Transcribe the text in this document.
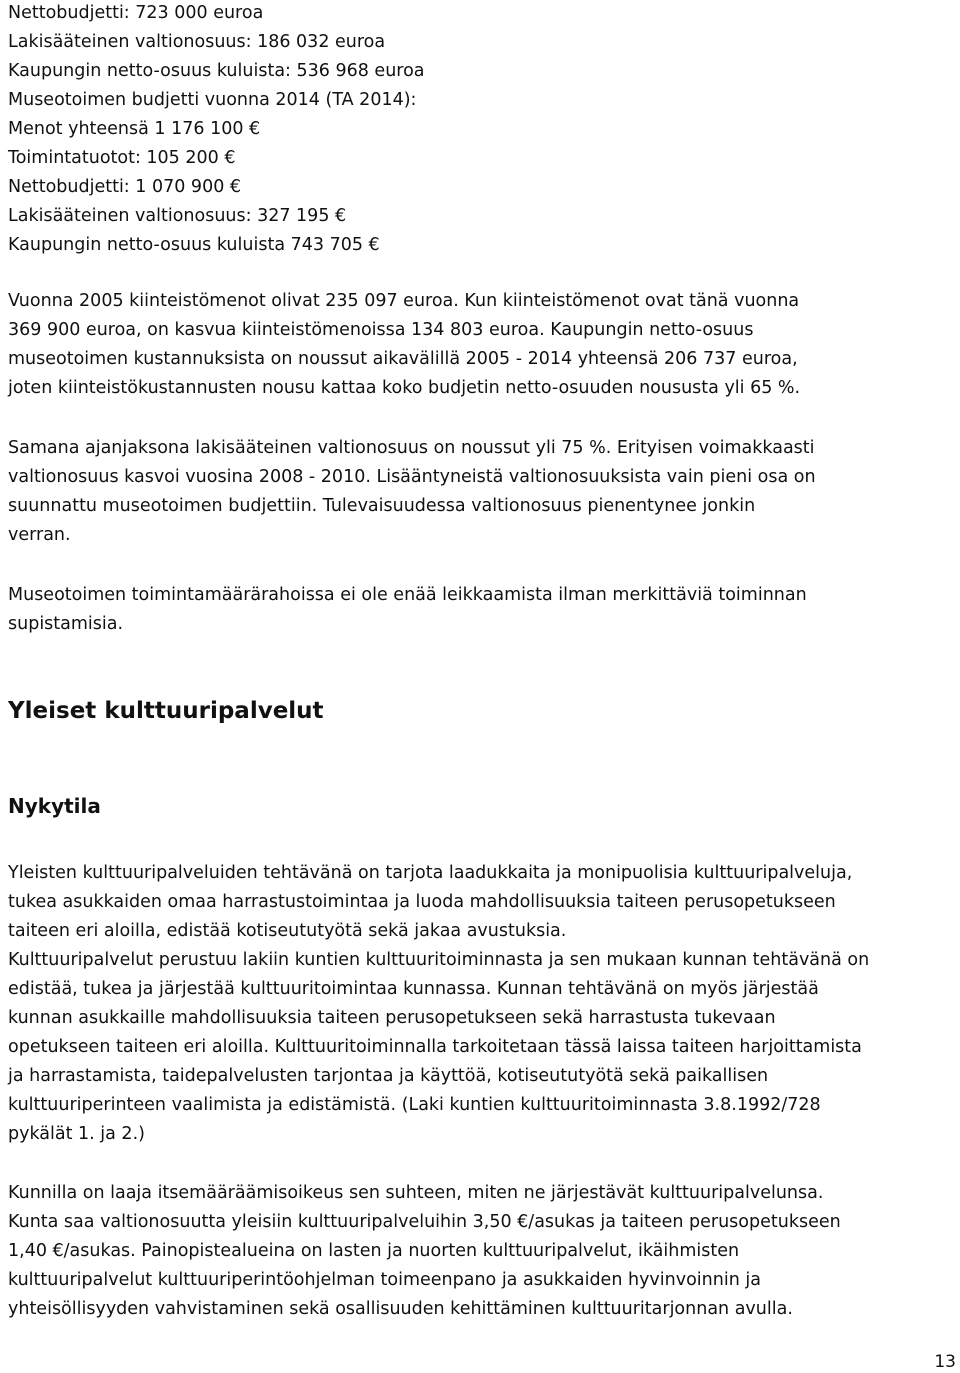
Nettobudjetti: 723 000 euroa
Lakisääteinen valtionosuus: 186 032 euroa
Kaupungin netto-osuus kuluista: 536 968 euroa
Museotoimen budjetti vuonna 2014 (TA 2014):
Menot yhteensä 1 176 100 €
Toimintatuotot: 105 200 €
Nettobudjetti: 1 070 900 €
Lakisääteinen valtionosuus: 327 195 €
Kaupungin netto-osuus kuluista 743 705 €
Vuonna 2005 kiinteistömenot olivat 235 097 euroa. Kun kiinteistömenot ovat tänä vuonna
369 900 euroa, on kasvua kiinteistömenoissa 134 803 euroa. Kaupungin netto-osuus
museotoimen kustannuksista on noussut aikavälillä 2005 - 2014 yhteensä 206 737 euroa,
joten kiinteistökustannusten nousu kattaa koko budjetin netto-osuuden noususta yli 65 %.
Samana ajanjaksona lakisääteinen valtionosuus on noussut yli 75 %. Erityisen voimakkaasti
valtionosuus kasvoi vuosina 2008 - 2010. Lisääntyneistä valtionosuuksista vain pieni osa on
suunnattu museotoimen budjettiin. Tulevaisuudessa valtionosuus pienentynee jonkin
verran.
Museotoimen toimintamäärärahoissa ei ole enää leikkaamista ilman merkittäviä toiminnan
supistamisia.
Yleiset kulttuuripalvelut
Nykytila
Yleisten kulttuuripalveluiden tehtävänä on tarjota laadukkaita ja monipuolisia kulttuuripalveluja,
tukea asukkaiden omaa harrastustoimintaa ja luoda mahdollisuuksia taiteen perusopetukseen
taiteen eri aloilla, edistää kotiseututyötä sekä jakaa avustuksia.
Kulttuuripalvelut perustuu lakiin kuntien kulttuuritoiminnasta ja sen mukaan kunnan tehtävänä on
edistää, tukea ja järjestää kulttuuritoimintaa kunnassa. Kunnan tehtävänä on myös järjestää
kunnan asukkaille mahdollisuuksia taiteen perusopetukseen sekä harrastusta tukevaan
opetukseen taiteen eri aloilla. Kulttuuritoiminnalla tarkoitetaan tässä laissa taiteen harjoittamista
ja harrastamista, taidepalvelusten tarjontaa ja käyttöä, kotiseututyötä sekä paikallisen
kulttuuriperinteen vaalimista ja edistämistä. (Laki kuntien kulttuuritoiminnasta 3.8.1992/728
pykälät 1. ja 2.)
Kunnilla on laaja itsemääräämisoikeus sen suhteen, miten ne järjestävät kulttuuripalvelunsa.
Kunta saa valtionosuutta yleisiin kulttuuripalveluihin 3,50 €/asukas ja taiteen perusopetukseen
1,40 €/asukas. Painopistealueina on lasten ja nuorten kulttuuripalvelut, ikäihmisten
kulttuuripalvelut kulttuuriperintöohjelman toimeenpano ja asukkaiden hyvinvoinnin ja
yhteisöllisyyden vahvistaminen sekä osallisuuden kehittäminen kulttuuritarjonnan avulla.
13
